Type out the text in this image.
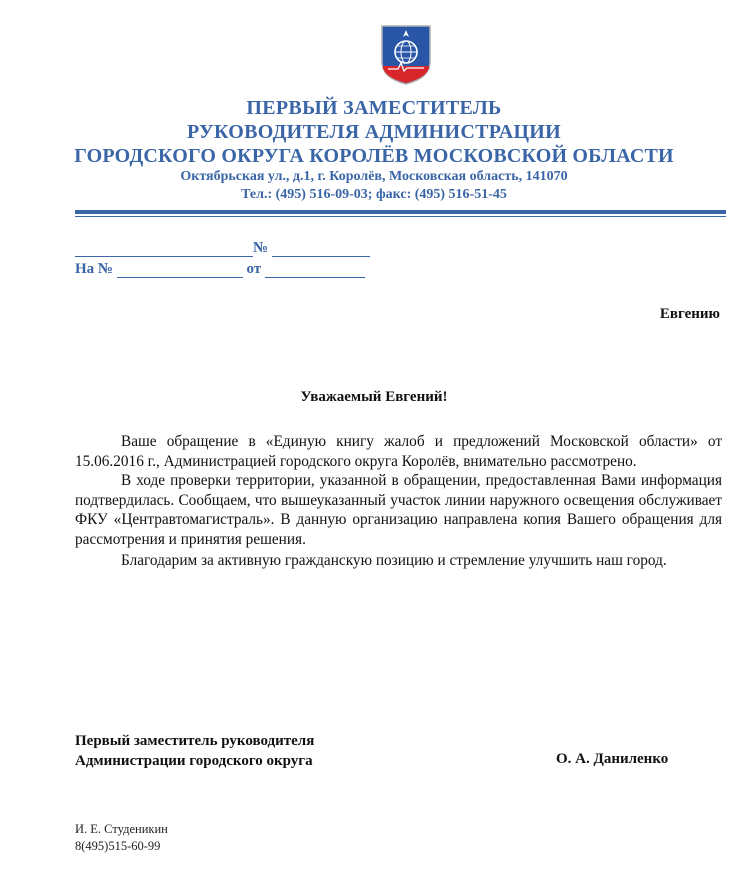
ПЕРВЫЙ ЗАМЕСТИТЕЛЬ
РУКОВОДИТЕЛЯ АДМИНИСТРАЦИИ
ГОРОДСКОГО ОКРУГА КОРОЛЁВ МОСКОВСКОЙ ОБЛАСТИ
Октябрьская ул., д.1, г. Королёв, Московская область, 141070
Тел.: (495) 516-09-03; факс: (495) 516-51-45
№
На №	от
Евгению
Уважаемый Евгений!

Ваше обращение в «Единую книгу жалоб и предложений Московской области» от 15.06.2016 г., Администрацией городского округа Королёв, внимательно рассмотрено.

В ходе проверки территории, указанной в обращении, предоставленная Вами информация подтвердилась. Сообщаем, что вышеуказанный участок линии наружного освещения обслуживает ФКУ «Центравтомагистраль». В данную организацию направлена копия Вашего обращения для рассмотрения и принятия решения.

Благодарим за активную гражданскую позицию и стремление улучшить наш город.

Первый заместитель руководителя
Администрации городского округа	О. А. Даниленко
И. Е. Студеникин
8(495)515-60-99
